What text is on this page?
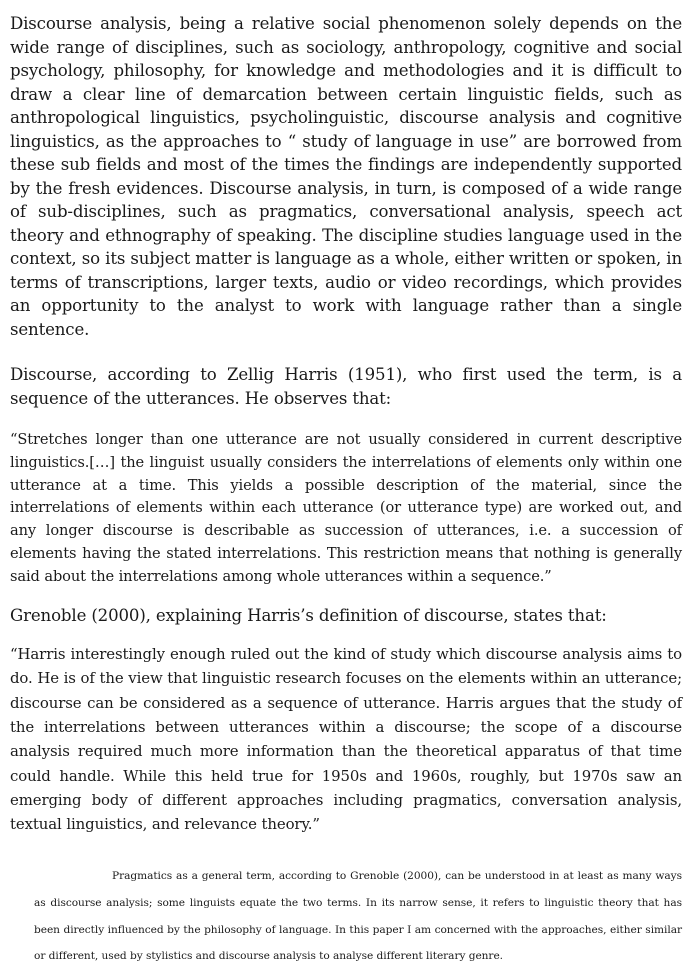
Discourse analysis, being a relative social phenomenon solely depends on the wide range of disciplines, such as sociology, anthropology, cognitive and social psychology, philosophy, for knowledge and methodologies and it is difficult to draw a clear line of demarcation between certain linguistic fields, such as anthropological linguistics, psycholinguistic, discourse analysis and cognitive linguistics, as the approaches to “ study of language in use” are borrowed from these sub fields and most of the times the findings are independently supported by the fresh evidences. Discourse analysis, in turn, is composed of a wide range of sub-disciplines, such as pragmatics, conversational analysis, speech act theory and ethnography of speaking. The discipline studies language used in the context, so its subject matter is language as a whole, either written or spoken, in terms of transcriptions, larger texts, audio or video recordings, which provides an opportunity to the analyst to work with language rather than a single sentence.

Discourse, according to Zellig Harris (1951), who first used the term, is a sequence of the utterances. He observes that:

“Stretches longer than one utterance are not usually considered in current descriptive linguistics.[…] the linguist usually considers the interrelations of elements only within one utterance at a time. This yields a possible description of the material, since the interrelations of elements within each utterance (or utterance type) are worked out, and any longer discourse is describable as succession of utterances, i.e. a succession of elements having the stated interrelations. This restriction means that nothing is generally said about the interrelations among whole utterances within a sequence.”

Grenoble (2000), explaining Harris’s definition of discourse, states that:

“Harris interestingly enough ruled out the kind of study which discourse analysis aims to do. He is of the view that linguistic research focuses on the elements within an utterance; discourse can be considered as a sequence of utterance. Harris argues that the study of the interrelations between utterances within a discourse; the scope of a discourse analysis required much more information than the theoretical apparatus of that time could handle. While this held true for 1950s and 1960s, roughly, but 1970s saw an emerging body of different approaches including pragmatics, conversation analysis, textual linguistics, and relevance theory.”

Pragmatics as a general term, according to Grenoble (2000), can be understood in at least as many ways as discourse analysis; some linguists equate the two terms. In its narrow sense, it refers to linguistic theory that has been directly influenced by the philosophy of language. In this paper I am concerned with the approaches, either similar or different, used by stylistics and discourse analysis to analyse different literary genre.
